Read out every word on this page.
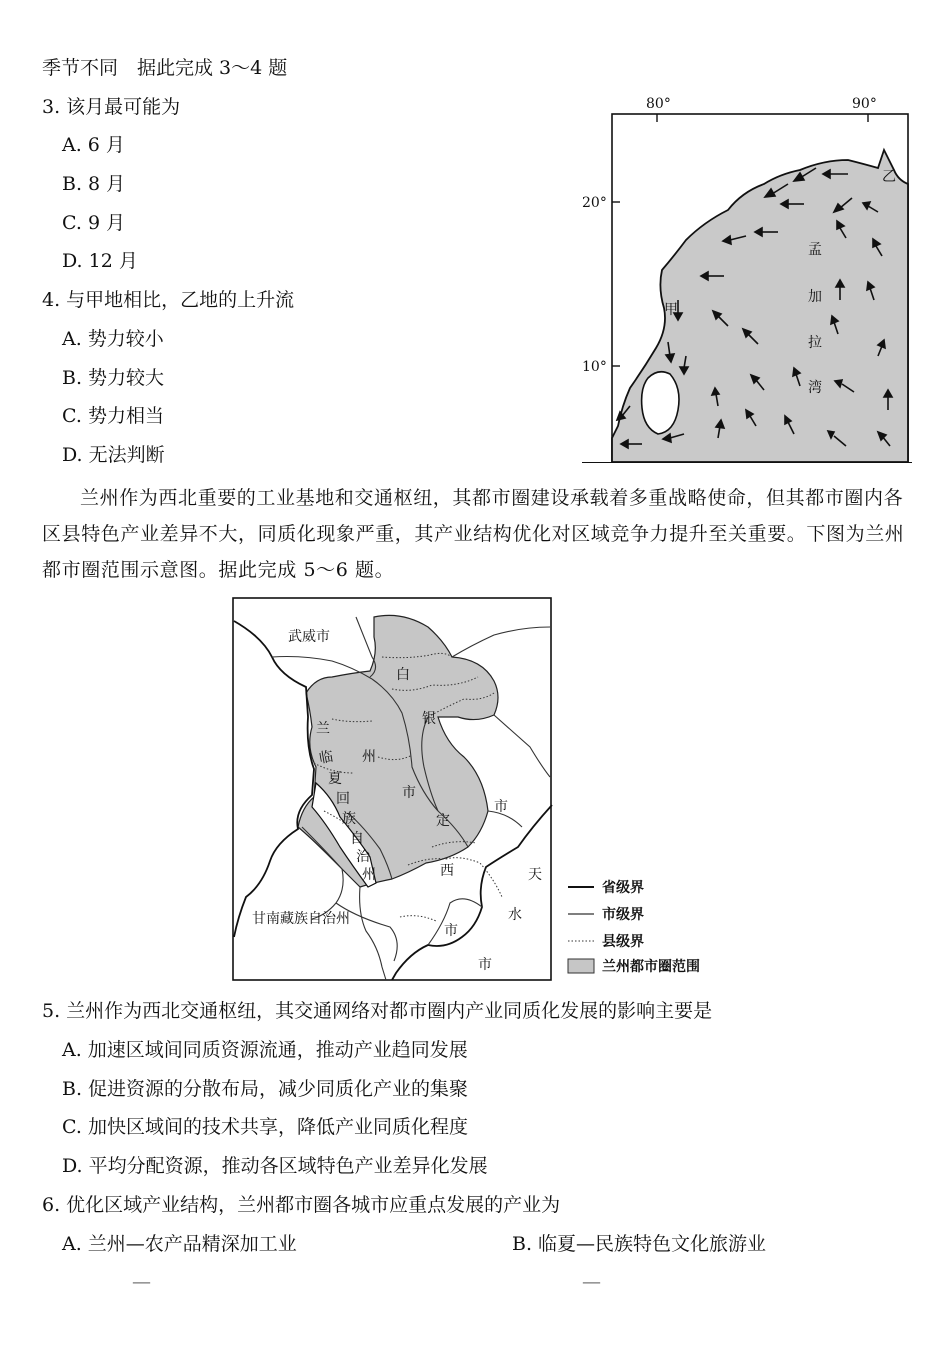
季节不同　据此完成 3～4 题
3. 该月最可能为
A. 6 月
B. 8 月
C. 9 月
D. 12 月
4. 与甲地相比，乙地的上升流
A. 势力较小
B. 势力较大
C. 势力相当
D. 无法判断
80°	90°
20°
10°
乙
甲
孟
加
拉
湾
兰州作为西北重要的工业基地和交通枢纽，其都市圈建设承载着多重战略使命，但其都市圈内各区县特色产业差异不大，同质化现象严重，其产业结构优化对区域竞争力提升至关重要。下图为兰州都市圈范围示意图。据此完成 5～6 题。
武威市
白
银
兰
州
市
临
夏
回
族
自
治
州
定
西
市
天
水
市
市
甘南藏族自治州
省级界
市级界
县级界
兰州都市圈范围
5. 兰州作为西北交通枢纽，其交通网络对都市圈内产业同质化发展的影响主要是
A. 加速区域间同质资源流通，推动产业趋同发展
B. 促进资源的分散布局，减少同质化产业的集聚
C. 加快区域间的技术共享，降低产业同质化程度
D. 平均分配资源，推动各区域特色产业差异化发展
6. 优化区域产业结构，兰州都市圈各城市应重点发展的产业为
A. 兰州—农产品精深加工业	B. 临夏—民族特色文化旅游业
—	—
